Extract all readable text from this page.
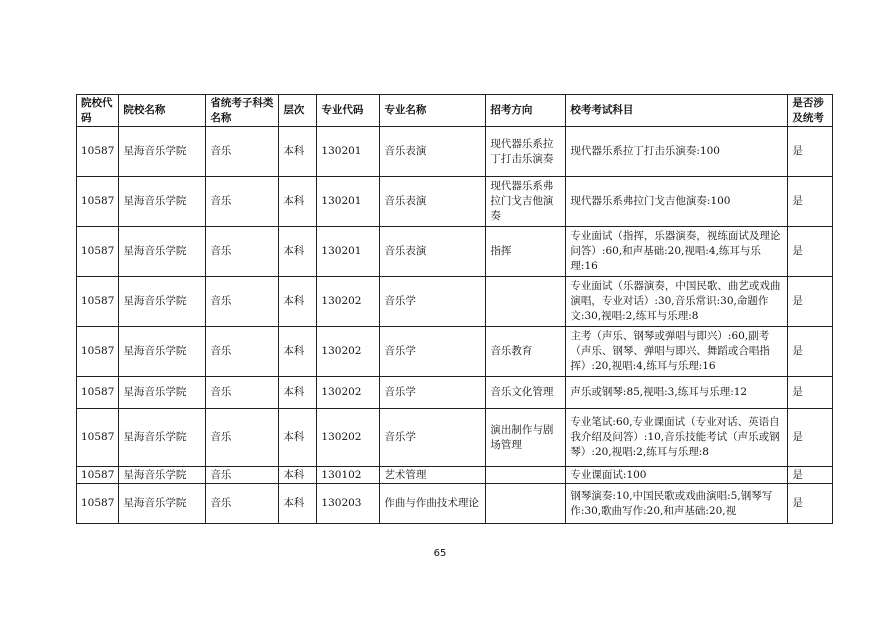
院校代码	院校名称	省统考子科类名称	层次	专业代码	专业名称	招考方向	校考考试科目	是否涉及统考
10587	星海音乐学院	音乐	本科	130201	音乐表演	现代器乐系拉丁打击乐演奏	现代器乐系拉丁打击乐演奏:100	是
10587	星海音乐学院	音乐	本科	130201	音乐表演	现代器乐系弗拉门戈吉他演奏	现代器乐系弗拉门戈吉他演奏:100	是
10587	星海音乐学院	音乐	本科	130201	音乐表演	指挥	专业面试（指挥，乐器演奏，视练面试及理论问答）:60,和声基础:20,视唱:4,练耳与乐理:16	是
10587	星海音乐学院	音乐	本科	130202	音乐学		专业面试（乐器演奏，中国民歌、曲艺或戏曲演唱，专业对话）:30,音乐常识:30,命题作文:30,视唱:2,练耳与乐理:8	是
10587	星海音乐学院	音乐	本科	130202	音乐学	音乐教育	主考（声乐、钢琴或弹唱与即兴）:60,副考（声乐、钢琴、弹唱与即兴、舞蹈或合唱指挥）:20,视唱:4,练耳与乐理:16	是
10587	星海音乐学院	音乐	本科	130202	音乐学	音乐文化管理	声乐或钢琴:85,视唱:3,练耳与乐理:12	是
10587	星海音乐学院	音乐	本科	130202	音乐学	演出制作与剧场管理	专业笔试:60,专业课面试（专业对话、英语自我介绍及问答）:10,音乐技能考试（声乐或钢琴）:20,视唱:2,练耳与乐理:8	是
10587	星海音乐学院	音乐	本科	130102	艺术管理		专业课面试:100	是
10587	星海音乐学院	音乐	本科	130203	作曲与作曲技术理论		钢琴演奏:10,中国民歌或戏曲演唱:5,钢琴写作:30,歌曲写作:20,和声基础:20,视	是
65
